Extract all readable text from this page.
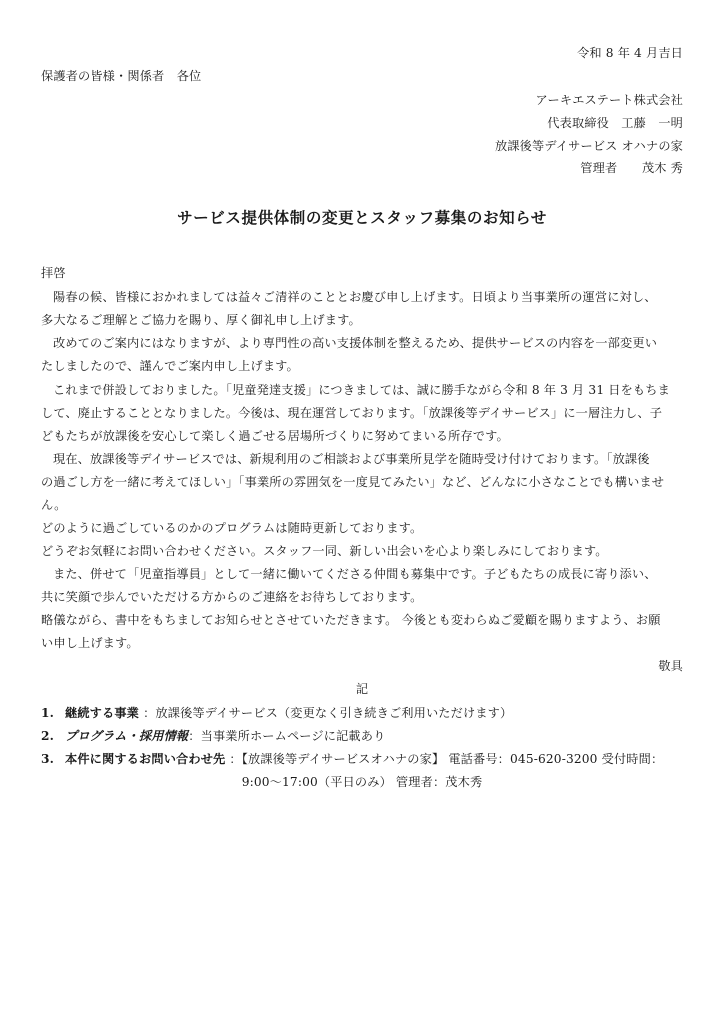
令和 8 年 4 月吉日
保護者の皆様・関係者　各位
アーキエステート株式会社
代表取締役　工藤　一明
放課後等デイサービス オハナの家
管理者　　茂木 秀
サービス提供体制の変更とスタッフ募集のお知らせ
拝啓
陽春の候、皆様におかれましては益々ご清祥のこととお慶び申し上げます。日頃より当事業所の運営に対し、
多大なるご理解とご協力を賜り、厚く御礼申し上げます。
改めてのご案内にはなりますが、より専門性の高い支援体制を整えるため、提供サービスの内容を一部変更い
たしましたので、謹んでご案内申し上げます。
これまで併設しておりました。「児童発達支援」につきましては、誠に勝手ながら令和 8 年 3 月 31 日をもちま
して、廃止することとなりました。今後は、現在運営しております。「放課後等デイサービス」に一層注力し、子
どもたちが放課後を安心して楽しく過ごせる居場所づくりに努めてまいる所存です。
現在、放課後等デイサービスでは、新規利用のご相談および事業所見学を随時受け付けております。「放課後
の過ごし方を一緒に考えてほしい」「事業所の雰囲気を一度見てみたい」など、どんなに小さなことでも構いませ
ん。
どのように過ごしているのかのプログラムは随時更新しております。
どうぞお気軽にお問い合わせください。スタッフ一同、新しい出会いを心より楽しみにしております。
また、併せて「児童指導員」として一緒に働いてくださる仲間も募集中です。子どもたちの成長に寄り添い、
共に笑顔で歩んでいただける方からのご連絡をお待ちしております。
略儀ながら、書中をもちましてお知らせとさせていただきます。 今後とも変わらぬご愛顧を賜りますよう、お願
い申し上げます。
敬具
記
1. 継続する事業 ：放課後等デイサービス（変更なく引き続きご利用いただけます）
2. プログラム・採用情報：当事業所ホームページに記載あり
3. 本件に関するお問い合わせ先 ：【放課後等デイサービスオハナの家】 電話番号：045-620-3200 受付時間：
9:00〜17:00（平日のみ） 管理者：茂木秀
